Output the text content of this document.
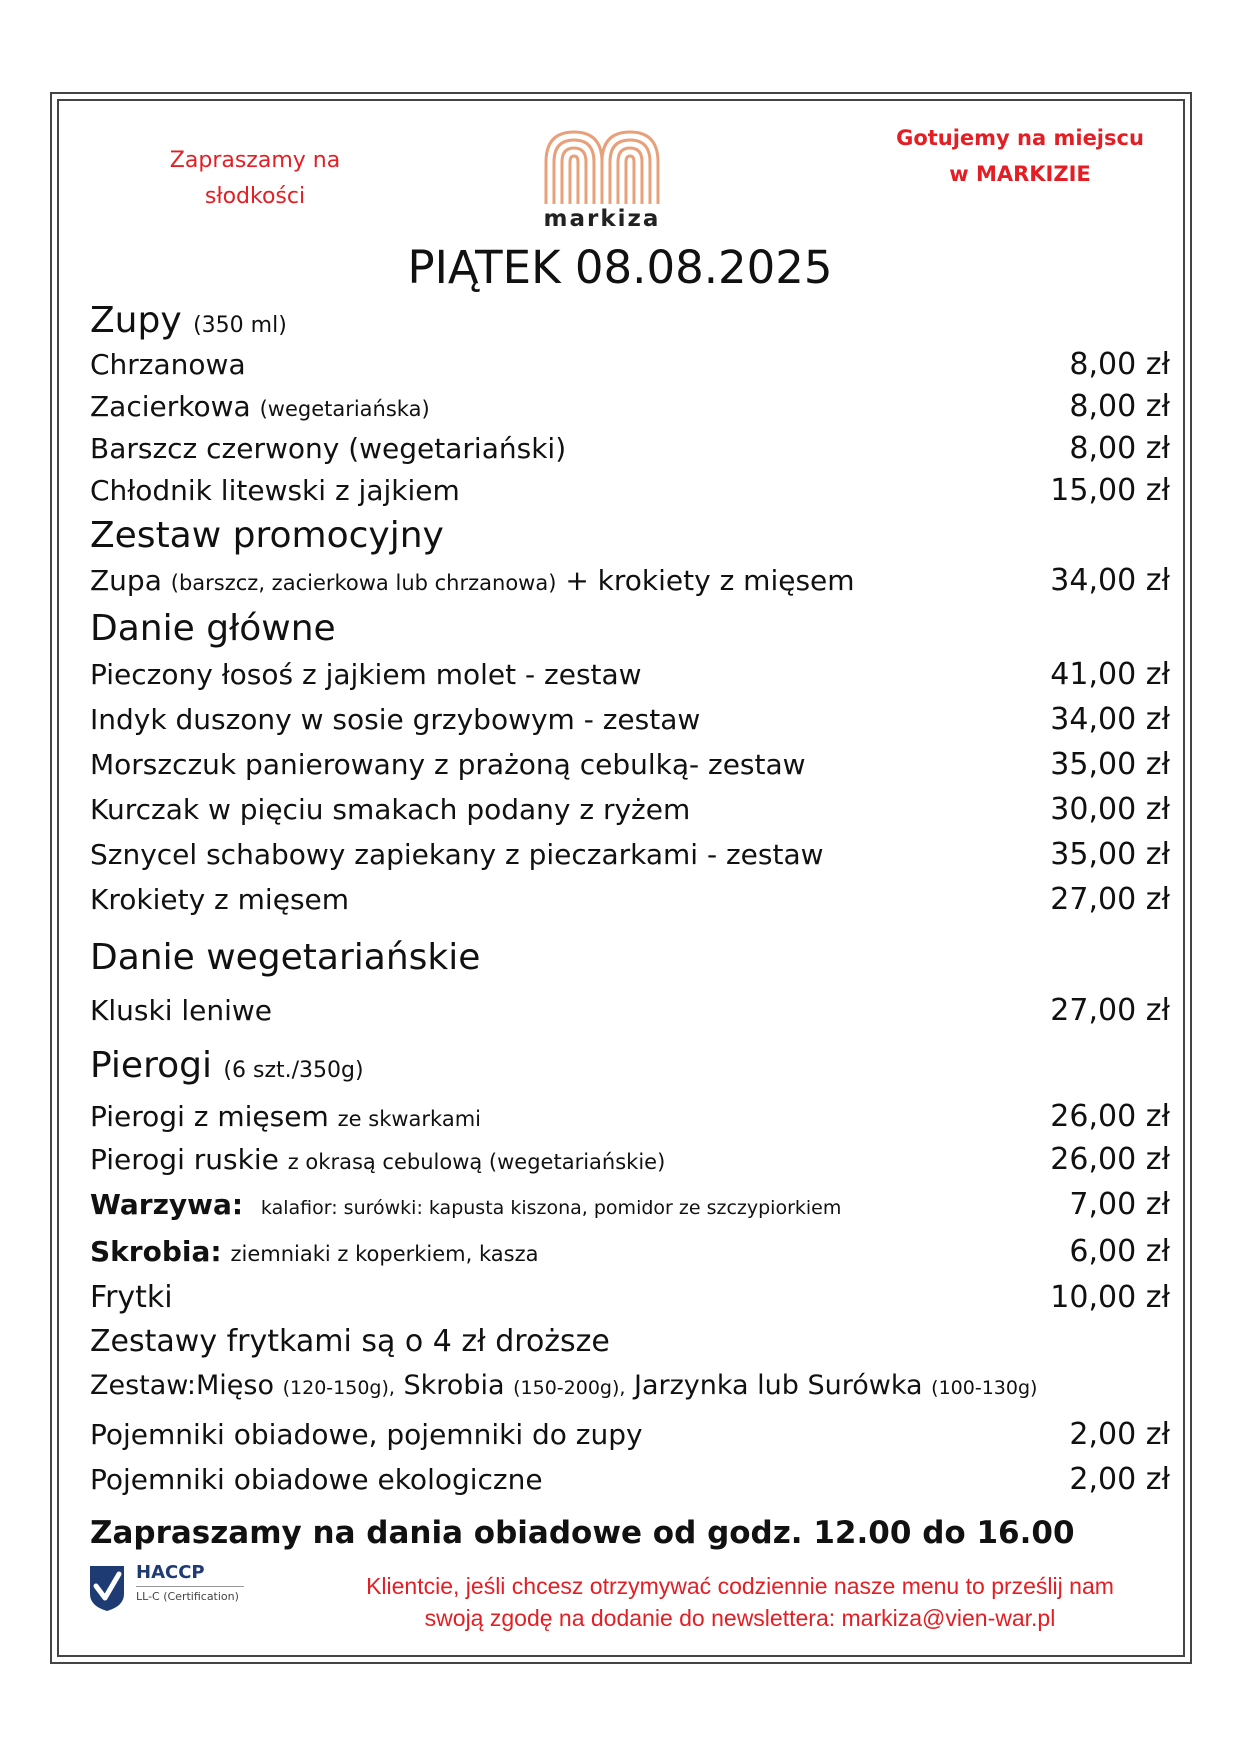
Zapraszamy na
słodkości
Gotujemy na miejscu
w MARKIZIE
markiza
PIĄTEK 08.08.2025
Zupy (350 ml)
Chrzanowa	8,00 zł
Zacierkowa (wegetariańska)	8,00 zł
Barszcz czerwony (wegetariański)	8,00 zł
Chłodnik litewski z jajkiem	15,00 zł
Zestaw promocyjny
Zupa (barszcz, zacierkowa lub chrzanowa) + krokiety z mięsem	34,00 zł
Danie główne
Pieczony łosoś z jajkiem molet - zestaw	41,00 zł
Indyk duszony w sosie grzybowym - zestaw	34,00 zł
Morszczuk panierowany z prażoną cebulką- zestaw	35,00 zł
Kurczak w pięciu smakach podany z ryżem	30,00 zł
Sznycel schabowy zapiekany z pieczarkami - zestaw	35,00 zł
Krokiety z mięsem	27,00 zł
Danie wegetariańskie
Kluski leniwe	27,00 zł
Pierogi (6 szt./350g)
Pierogi z mięsem ze skwarkami	26,00 zł
Pierogi ruskie z okrasą cebulową (wegetariańskie)	26,00 zł
Warzywa: kalafior: surówki: kapusta kiszona, pomidor ze szczypiorkiem	7,00 zł
Skrobia: ziemniaki z koperkiem, kasza	6,00 zł
Frytki	10,00 zł
Zestawy frytkami są o 4 zł droższe
Zestaw:Mięso (120-150g), Skrobia (150-200g), Jarzynka lub Surówka (100-130g)
Pojemniki obiadowe, pojemniki do zupy	2,00 zł
Pojemniki obiadowe ekologiczne	2,00 zł
Zapraszamy na dania obiadowe od godz. 12.00 do 16.00
HACCP
LL-C (Certification)	Klientcie, jeśli chcesz otrzymywać codziennie nasze menu to prześlij nam
swoją zgodę na dodanie do newslettera: markiza@vien-war.pl
